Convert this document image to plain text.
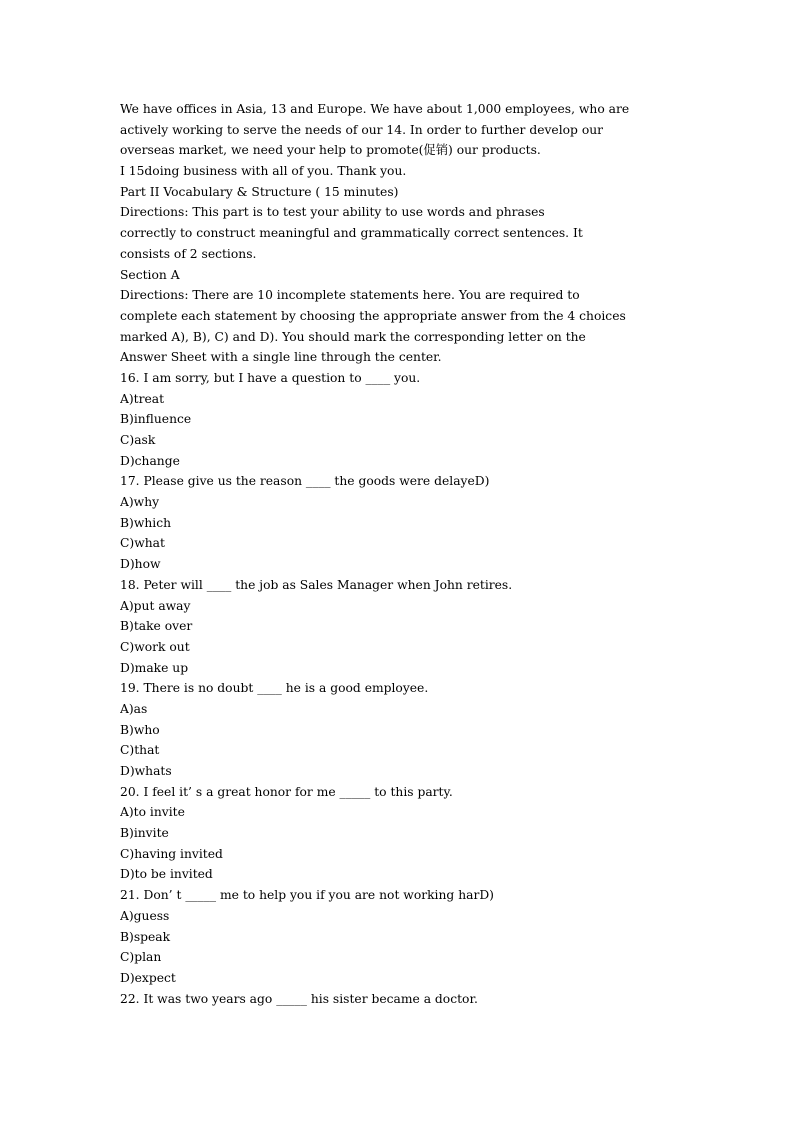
We have offices in Asia, 13 and Europe. We have about 1,000 employees, who are
actively working to serve the needs of our 14. In order to further develop our
overseas market, we need your help to promote(促销) our products.
I 15doing business with all of you. Thank you.
Part II Vocabulary & Structure ( 15 minutes)
Directions: This part is to test your ability to use words and phrases
correctly to construct meaningful and grammatically correct sentences. It
consists of 2 sections.
Section A
Directions: There are 10 incomplete statements here. You are required to
complete each statement by choosing the appropriate answer from the 4 choices
marked A), B), C) and D). You should mark the corresponding letter on the
Answer Sheet with a single line through the center.
16. I am sorry, but I have a question to ____ you.
A)treat
B)influence
C)ask
D)change
17. Please give us the reason ____ the goods were delayeD)
A)why
B)which
C)what
D)how
18. Peter will ____ the job as Sales Manager when John retires.
A)put away
B)take over
C)work out
D)make up
19. There is no doubt ____ he is a good employee.
A)as
B)who
C)that
D)whats
20. I feel it’ s a great honor for me _____ to this party.
A)to invite
B)invite
C)having invited
D)to be invited
21. Don’ t _____ me to help you if you are not working harD)
A)guess
B)speak
C)plan
D)expect
22. It was two years ago _____ his sister became a doctor.
